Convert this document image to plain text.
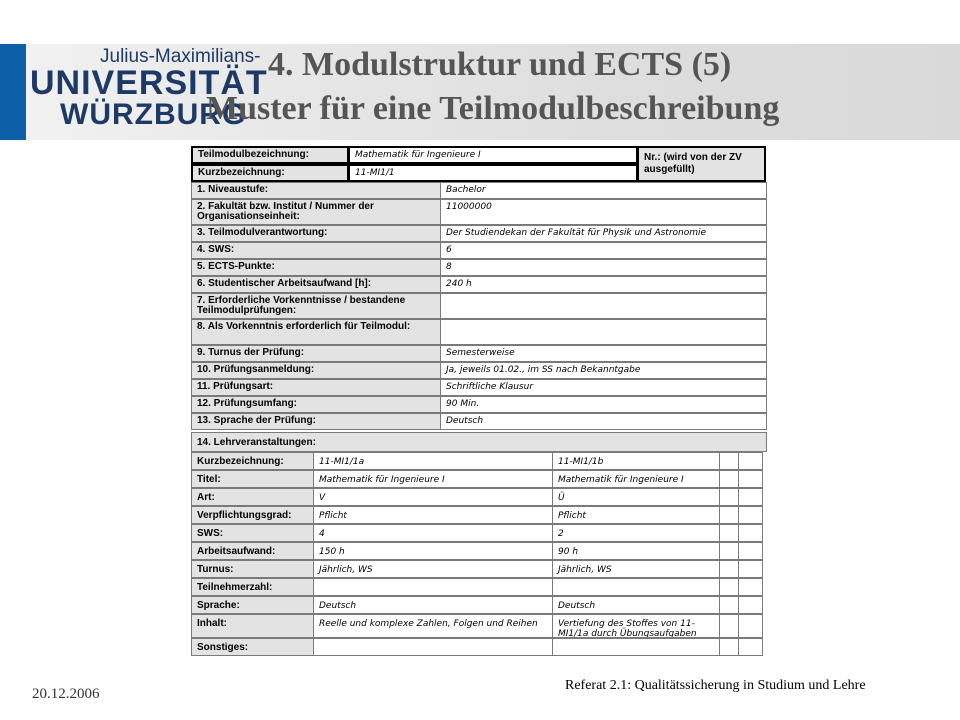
Julius-Maximilians-
UNIVERSITÄT
WÜRZBURG
4. Modulstruktur und ECTS (5)
Muster für eine Teilmodulbeschreibung
Teilmodulbezeichnung:	Mathematik für Ingenieure I	Nr.: (wird von der ZV ausgefüllt)
Kurzbezeichnung:	11-MI1/1
1. Niveaustufe:	Bachelor
2. Fakultät bzw. Institut / Nummer der Organisationseinheit:
11000000
3. Teilmodulverantwortung:	Der Studiendekan der Fakultät für Physik und Astronomie
4. SWS:	6
5. ECTS-Punkte:	8
6. Studentischer Arbeitsaufwand [h]:	240 h
7. Erforderliche Vorkenntnisse / bestandene Teilmodulprüfungen:
8. Als Vorkenntnis erforderlich für Teilmodul:
9. Turnus der Prüfung:	Semesterweise
10. Prüfungsanmeldung:	Ja, jeweils 01.02., im SS nach Bekanntgabe
11. Prüfungsart:	Schriftliche Klausur
12. Prüfungsumfang:	90 Min.
13. Sprache der Prüfung:	Deutsch
14. Lehrveranstaltungen:
Kurzbezeichnung:	11-MI1/1a	11-MI1/1b
Titel:	Mathematik für Ingenieure I	Mathematik für Ingenieure I
Art:	V	Ü
Verpflichtungsgrad:	Pflicht	Pflicht
SWS:	4	2
Arbeitsaufwand:	150 h	90 h
Turnus:	Jährlich, WS	Jährlich, WS
Teilnehmerzahl:
Sprache:	Deutsch	Deutsch
Inhalt:	Reelle und komplexe Zahlen, Folgen und Reihen	Vertiefung des Stoffes von 11-MI1/1a durch Übungsaufgaben
Sonstiges:
20.12.2006
Referat 2.1: Qualitätssicherung in Studium und Lehre
